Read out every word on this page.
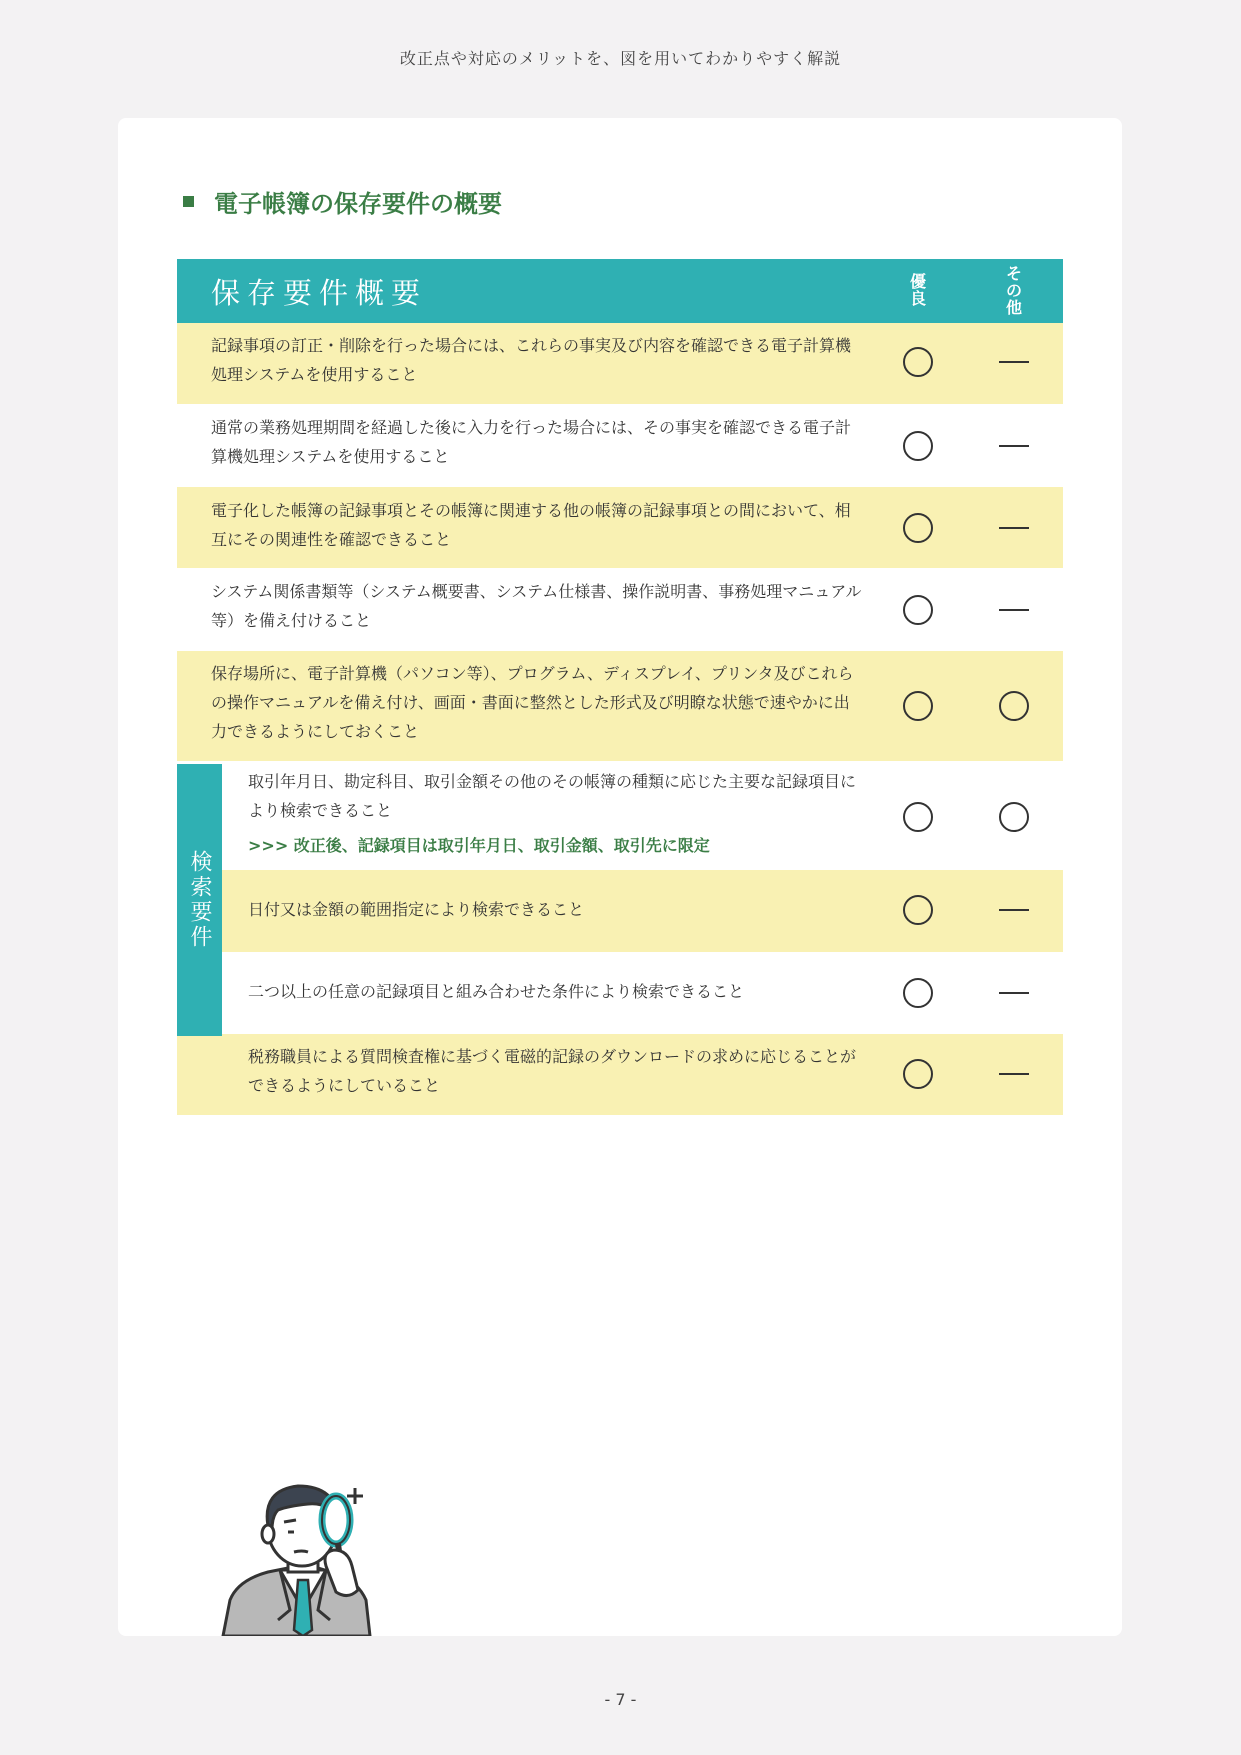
改正点や対応のメリットを、図を用いてわかりやすく解説
電子帳簿の保存要件の概要
保存要件概要	優
良
そ
の
他
記録事項の訂正・削除を行った場合には、これらの事実及び内容を確認できる電子計算機処理システムを使用すること
通常の業務処理期間を経過した後に入力を行った場合には、その事実を確認できる電子計算機処理システムを使用すること
電子化した帳簿の記録事項とその帳簿に関連する他の帳簿の記録事項との間において、相互にその関連性を確認できること
システム関係書類等（システム概要書、システム仕様書、操作説明書、事務処理マニュアル等）を備え付けること
保存場所に、電子計算機（パソコン等）、プログラム、ディスプレイ、プリンタ及びこれらの操作マニュアルを備え付け、画面・書面に整然とした形式及び明瞭な状態で速やかに出力できるようにしておくこと
取引年月日、勘定科目、取引金額その他のその帳簿の種類に応じた主要な記録項目により検索できること
>>> 改正後、記録項目は取引年月日、取引金額、取引先に限定
日付又は金額の範囲指定により検索できること
二つ以上の任意の記録項目と組み合わせた条件により検索できること
税務職員による質問検査権に基づく電磁的記録のダウンロードの求めに応じることができるようにしていること
検索要件
- 7 -
